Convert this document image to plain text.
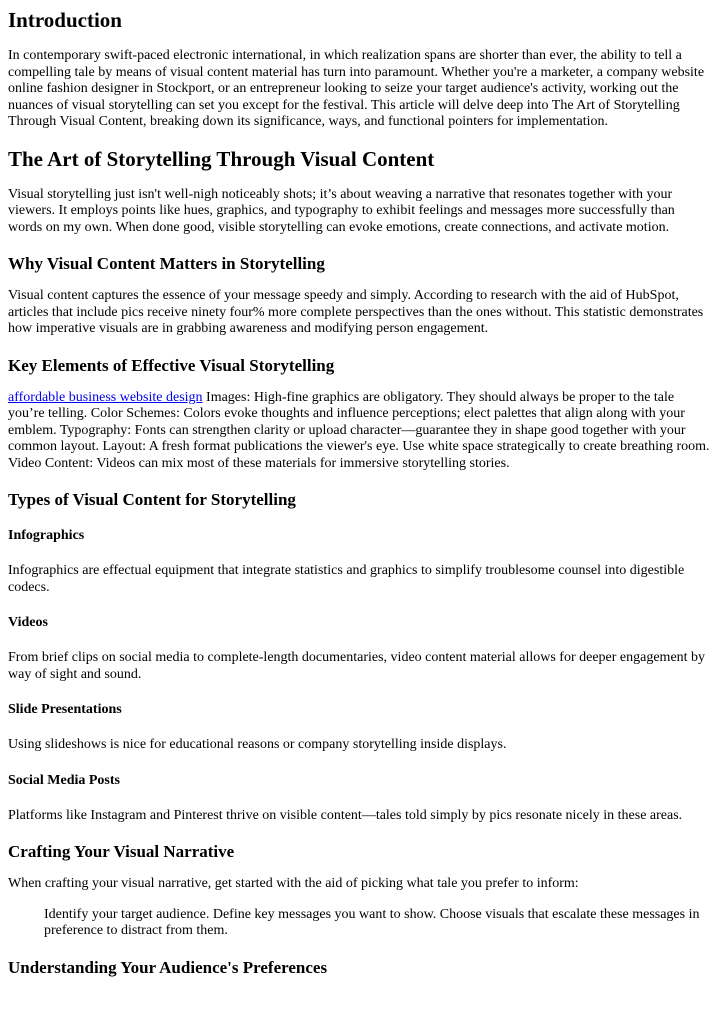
Introduction

In contemporary swift-paced electronic international, in which realization spans are shorter than ever, the ability to tell a compelling tale by means of visual content material has turn into paramount. Whether you're a marketer, a company website online fashion designer in Stockport, or an entrepreneur looking to seize your target audience's activity, working out the nuances of visual storytelling can set you except for the festival. This article will delve deep into The Art of Storytelling Through Visual Content, breaking down its significance, ways, and functional pointers for implementation.

The Art of Storytelling Through Visual Content

Visual storytelling just isn't well-nigh noticeably shots; it’s about weaving a narrative that resonates together with your viewers. It employs points like hues, graphics, and typography to exhibit feelings and messages more successfully than words on my own. When done good, visible storytelling can evoke emotions, create connections, and activate motion.

Why Visual Content Matters in Storytelling

Visual content captures the essence of your message speedy and simply. According to research with the aid of HubSpot, articles that include pics receive ninety four% more complete perspectives than the ones without. This statistic demonstrates how imperative visuals are in grabbing awareness and modifying person engagement.

Key Elements of Effective Visual Storytelling

affordable business website design Images: High-fine graphics are obligatory. They should always be proper to the tale you’re telling. Color Schemes: Colors evoke thoughts and influence perceptions; elect palettes that align along with your emblem. Typography: Fonts can strengthen clarity or upload character—guarantee they in shape good together with your common layout. Layout: A fresh format publications the viewer's eye. Use white space strategically to create breathing room. Video Content: Videos can mix most of these materials for immersive storytelling stories.

Types of Visual Content for Storytelling
Infographics

Infographics are effectual equipment that integrate statistics and graphics to simplify troublesome counsel into digestible codecs.

Videos

From brief clips on social media to complete-length documentaries, video content material allows for deeper engagement by way of sight and sound.

Slide Presentations

Using slideshows is nice for educational reasons or company storytelling inside displays.

Social Media Posts

Platforms like Instagram and Pinterest thrive on visible content—tales told simply by pics resonate nicely in these areas.

Crafting Your Visual Narrative

When crafting your visual narrative, get started with the aid of picking what tale you prefer to inform:

Identify your target audience. Define key messages you want to show. Choose visuals that escalate these messages in preference to distract from them.
Understanding Your Audience's Preferences
